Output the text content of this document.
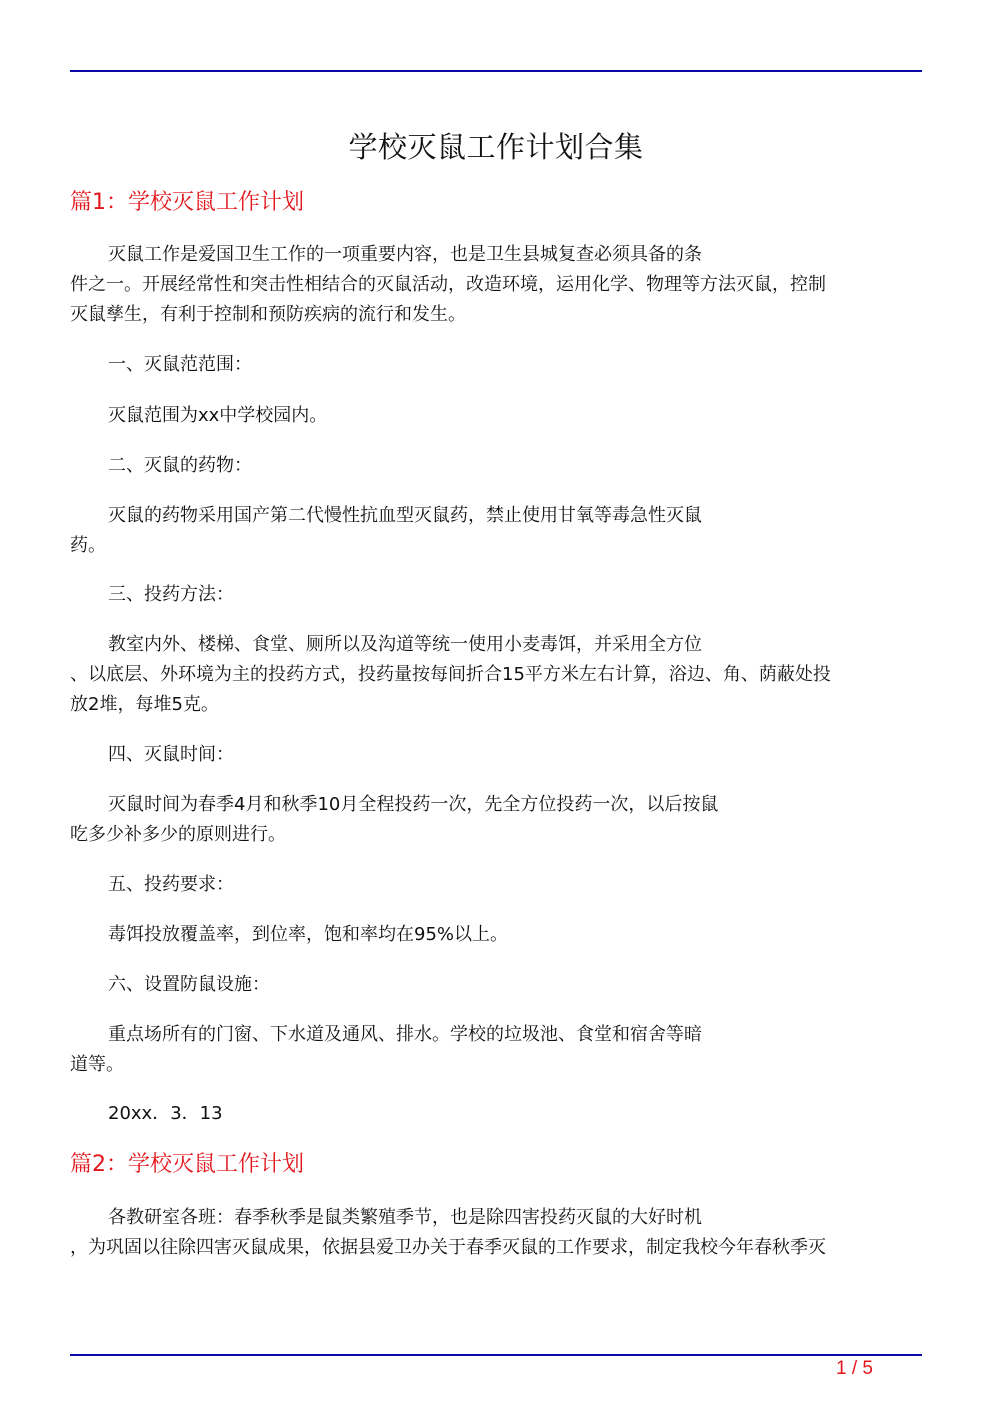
学校灭鼠工作计划合集
篇1：学校灭鼠工作计划
灭鼠工作是爱国卫生工作的一项重要内容，也是卫生县城复查必须具备的条
件之一。开展经常性和突击性相结合的灭鼠活动，改造环境，运用化学、物理等方法灭鼠，控制
灭鼠孳生，有利于控制和预防疾病的流行和发生。
一、灭鼠范范围：
灭鼠范围为xx中学校园内。
二、灭鼠的药物：
灭鼠的药物采用国产第二代慢性抗血型灭鼠药，禁止使用甘氧等毒急性灭鼠
药。
三、投药方法：
教室内外、楼梯、食堂、厕所以及沟道等统一使用小麦毒饵，并采用全方位
、以底层、外环境为主的投药方式，投药量按每间折合15平方米左右计算，浴边、角、荫蔽处投
放2堆，每堆5克。
四、灭鼠时间：
灭鼠时间为春季4月和秋季10月全程投药一次，先全方位投药一次，以后按鼠
吃多少补多少的原则进行。
五、投药要求：
毒饵投放覆盖率，到位率，饱和率均在95%以上。
六、设置防鼠设施：
重点场所有的门窗、下水道及通风、排水。学校的垃圾池、食堂和宿舍等暗
道等。
20xx．3．13
篇2：学校灭鼠工作计划
各教研室各班：春季秋季是鼠类繁殖季节，也是除四害投药灭鼠的大好时机
，为巩固以往除四害灭鼠成果，依据县爱卫办关于春季灭鼠的工作要求，制定我校今年春秋季灭
1 / 5
